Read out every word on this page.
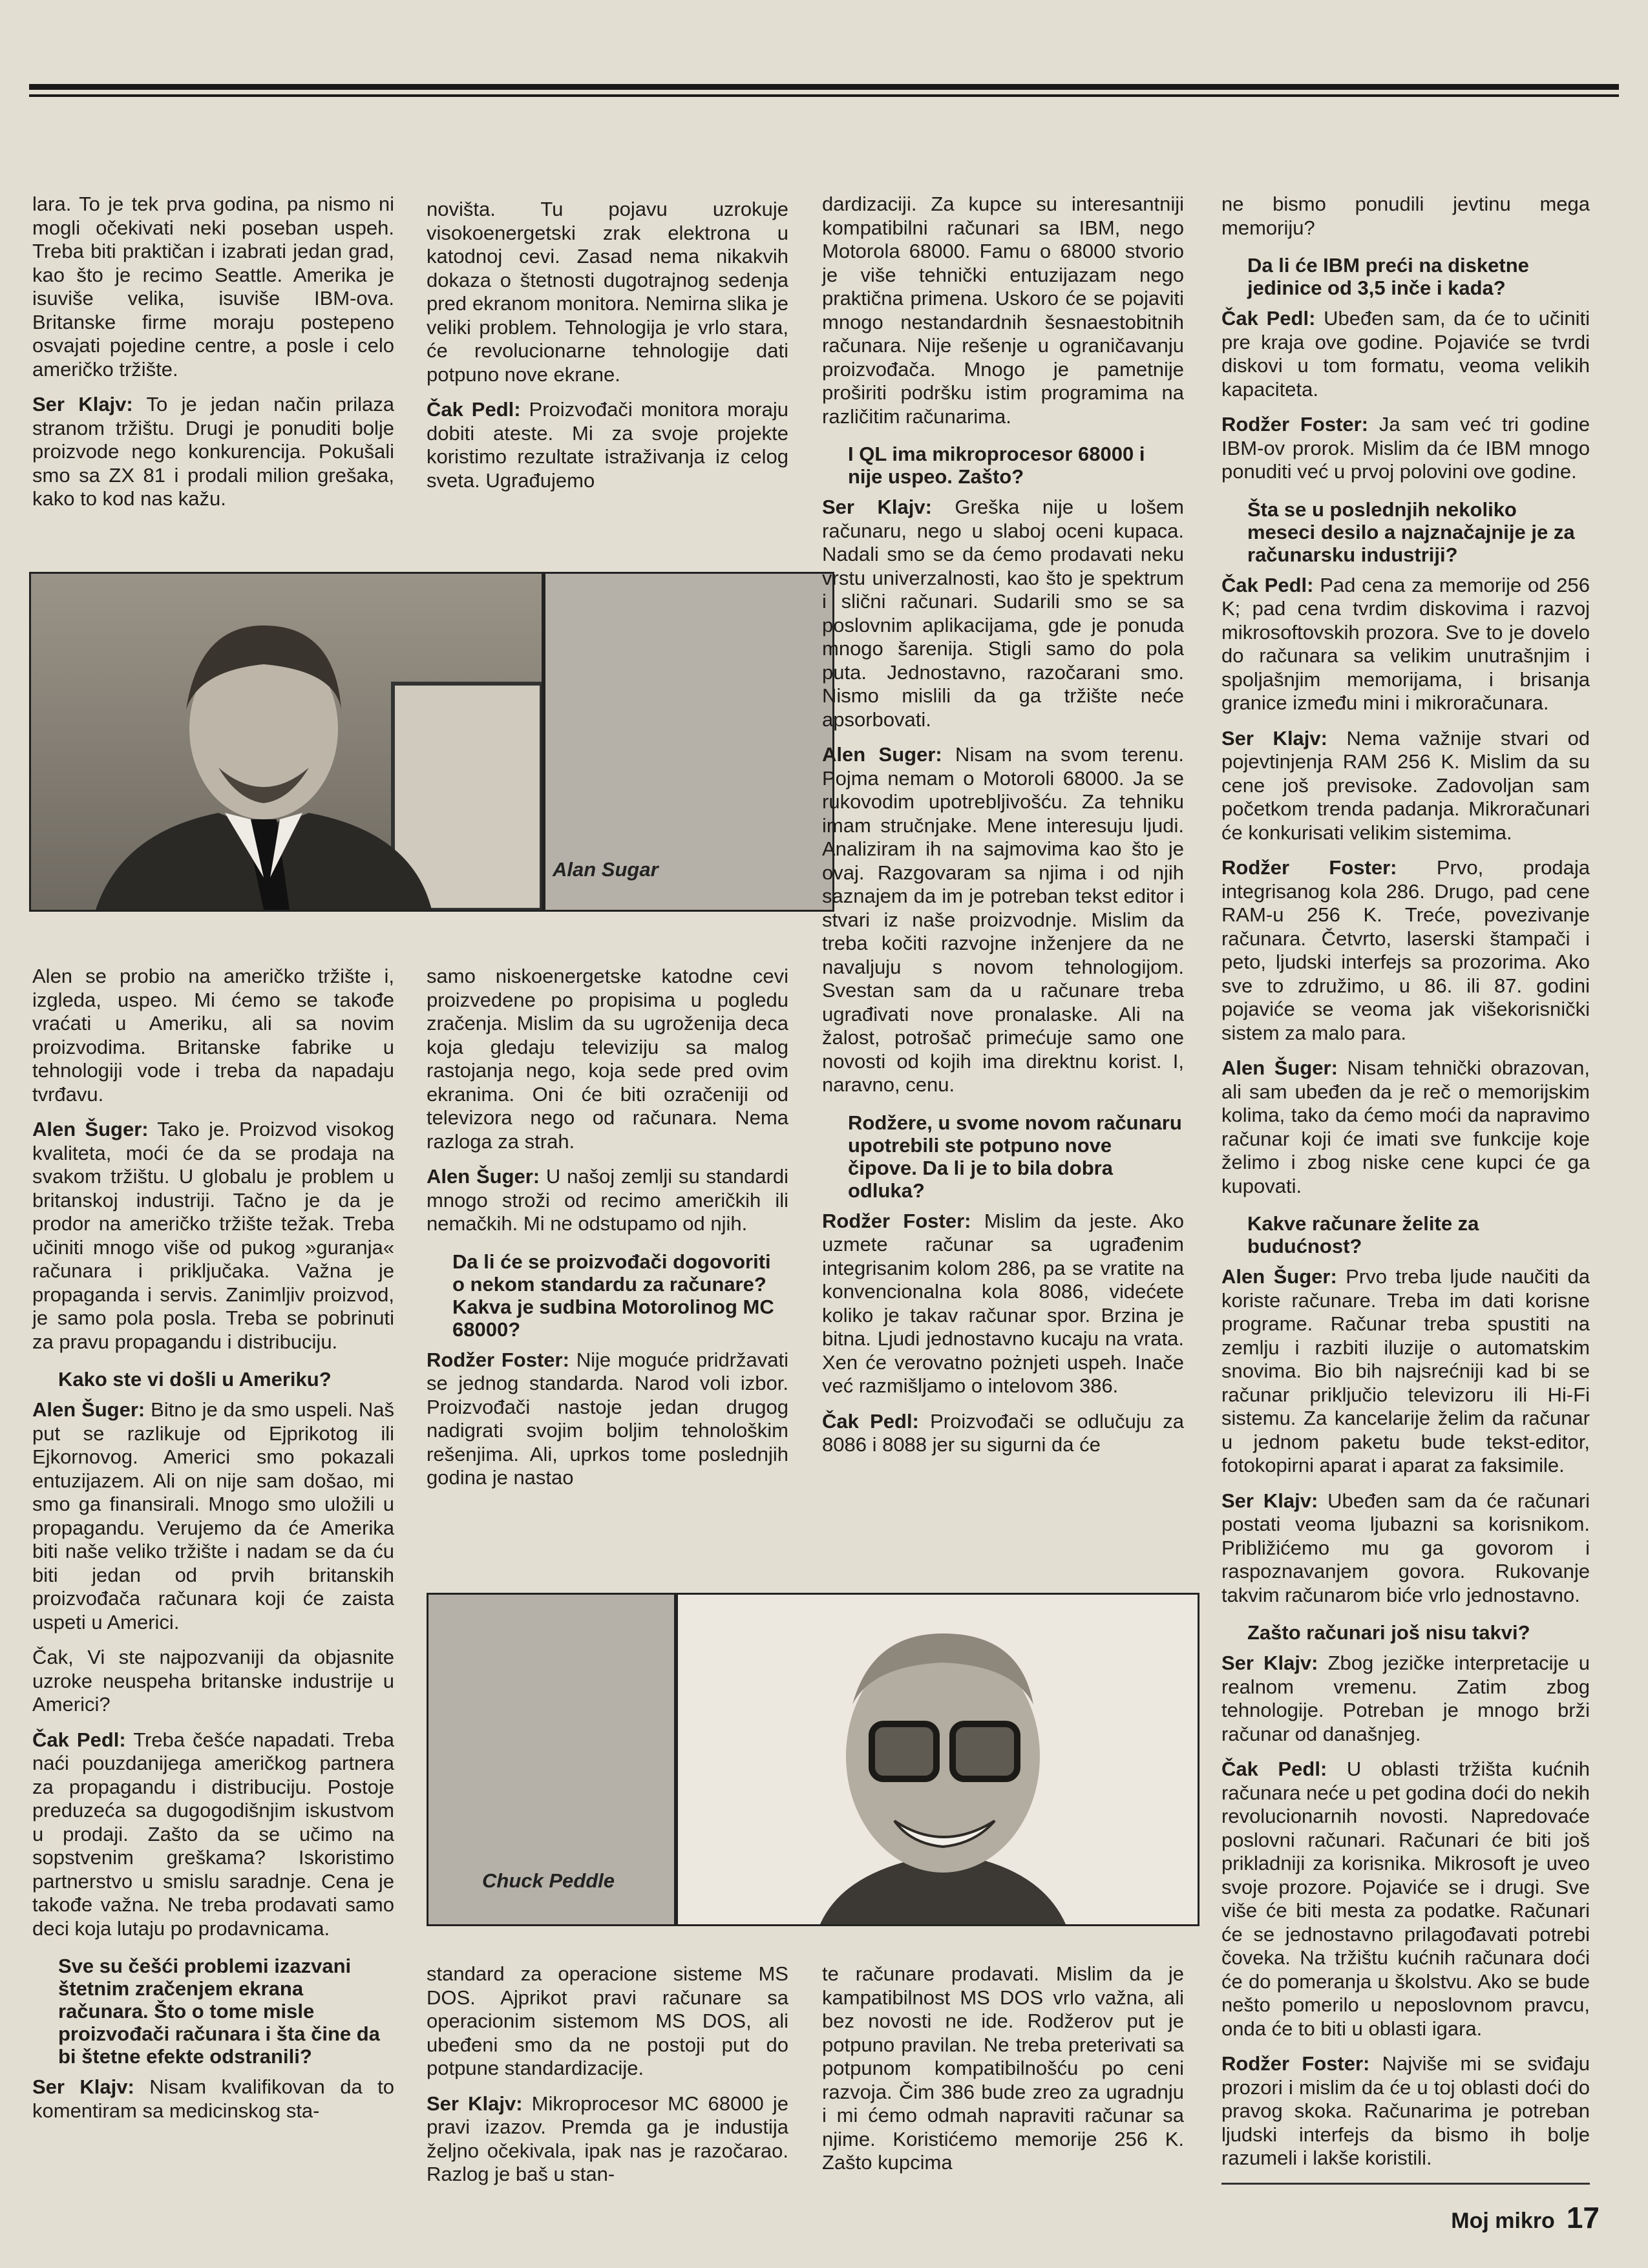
lara. To je tek prva godina, pa nismo ni mogli očekivati neki poseban uspeh. Treba biti praktičan i izabrati jedan grad, kao što je recimo Seattle. Amerika je isuviše velika, isuviše IBM-ova. Britanske firme moraju postepeno osvajati pojedine centre, a posle i celo američko tržište.

Ser Klajv: To je jedan način prilaza stranom tržištu. Drugi je ponuditi bolje proizvode nego konkurencija. Pokušali smo sa ZX 81 i prodali milion grešaka, kako to kod nas kažu.

Alan Sugar

Alen se probio na američko tržište i, izgleda, uspeo. Mi ćemo se takođe vraćati u Ameriku, ali sa novim proizvodima. Britanske fabrike u tehnologiji vode i treba da napadaju tvrđavu.

Alen Šuger: Tako je. Proizvod visokog kvaliteta, moći će da se prodaja na svakom tržištu. U globalu je problem u britanskoj industriji. Tačno je da je prodor na američko tržište težak. Treba učiniti mnogo više od pukog »guranja« računara i priključaka. Važna je propaganda i servis. Zanimljiv proizvod, je samo pola posla. Treba se pobrinuti za pravu propagandu i distribuciju.

Kako ste vi došli u Ameriku?

Alen Šuger: Bitno je da smo uspeli. Naš put se razlikuje od Ejprikotog ili Ejkornovog. Americi smo pokazali entuzijazem. Ali on nije sam došao, mi smo ga finansirali. Mnogo smo uložili u propagandu. Verujemo da će Amerika biti naše veliko tržište i nadam se da ću biti jedan od prvih britanskih proizvođača računara koji će zaista uspeti u Americi.

Čak, Vi ste najpozvaniji da objasnite uzroke neuspeha britanske industrije u Americi?

Čak Pedl: Treba češće napadati. Treba naći pouzdanijega američkog partnera za propagandu i distribuciju. Postoje preduzeća sa dugogodišnjim iskustvom u prodaji. Zašto da se učimo na sopstvenim greškama? Iskoristimo partnerstvo u smislu saradnje. Cena je takođe važna. Ne treba prodavati samo deci koja lutaju po prodavnicama.

Sve su češći problemi izazvani štetnim zračenjem ekrana računara. Što o tome misle proizvođači računara i šta čine da bi štetne efekte odstranili?

Ser Klajv: Nisam kvalifikovan da to komentiram sa medicinskog sta-

novišta. Tu pojavu uzrokuje visokoenergetski zrak elektrona u katodnoj cevi. Zasad nema nikakvih dokaza o štetnosti dugotrajnog sedenja pred ekranom monitora. Nemirna slika je veliki problem. Tehnologija je vrlo stara, će revolucionarne tehnologije dati potpuno nove ekrane.

Čak Pedl: Proizvođači monitora moraju dobiti ateste. Mi za svoje projekte koristimo rezultate istraživanja iz celog sveta. Ugrađujemo

samo niskoenergetske katodne cevi proizvedene po propisima u pogledu zračenja. Mislim da su ugroženija deca koja gledaju televiziju sa malog rastojanja nego, koja sede pred ovim ekranima. Oni će biti ozračeniji od televizora nego od računara. Nema razloga za strah.

Alen Šuger: U našoj zemlji su standardi mnogo stroži od recimo američkih ili nemačkih. Mi ne odstupamo od njih.

Da li će se proizvođači dogovoriti o nekom standardu za računare? Kakva je sudbina Motorolinog MC 68000?

Rodžer Foster: Nije moguće pridržavati se jednog standarda. Narod voli izbor. Proizvođači nastoje jedan drugog nadigrati svojim boljim tehnološkim rešenjima. Ali, uprkos tome poslednjih godina je nastao

Chuck Peddle

standard za operacione sisteme MS DOS. Ajprikot pravi računare sa operacionim sistemom MS DOS, ali ubeđeni smo da ne postoji put do potpune standardizacije.

Ser Klajv: Mikroprocesor MC 68000 je pravi izazov. Premda ga je industija željno očekivala, ipak nas je razočarao. Razlog je baš u stan-

dardizaciji. Za kupce su interesantniji kompatibilni računari sa IBM, nego Motorola 68000. Famu o 68000 stvorio je više tehnički entuzijazam nego praktična primena. Uskoro će se pojaviti mnogo nestandardnih šesnaestobitnih računara. Nije rešenje u ograničavanju proizvođača. Mnogo je pametnije proširiti podršku istim programima na različitim računarima.

I QL ima mikroprocesor 68000 i nije uspeo. Zašto?

Ser Klajv: Greška nije u lošem računaru, nego u slaboj oceni kupaca. Nadali smo se da ćemo prodavati neku vrstu univerzalnosti, kao što je spektrum i slični računari. Sudarili smo se sa poslovnim aplikacijama, gde je ponuda mnogo šarenija. Stigli samo do pola puta. Jednostavno, razočarani smo. Nismo mislili da ga tržište neće apsorbovati.

Alen Suger: Nisam na svom terenu. Pojma nemam o Motoroli 68000. Ja se rukovodim upotrebljivošću. Za tehniku imam stručnjake. Mene interesuju ljudi. Analiziram ih na sajmovima kao što je ovaj. Razgovaram sa njima i od njih saznajem da im je potreban tekst editor i stvari iz naše proizvodnje. Mislim da treba kočiti razvojne inženjere da ne navaljuju s novom tehnologijom. Svestan sam da u računare treba ugrađivati nove pronalaske. Ali na žalost, potrošač primećuje samo one novosti od kojih ima direktnu korist. I, naravno, cenu.

Rodžere, u svome novom računaru upotrebili ste potpuno nove čipove. Da li je to bila dobra odluka?

Rodžer Foster: Mislim da jeste. Ako uzmete računar sa ugrađenim integrisanim kolom 286, pa se vratite na konvencionalna kola 8086, videćete koliko je takav računar spor. Brzina je bitna. Ljudi jednostavno kucaju na vrata. Xen će verovatno pożnjeti uspeh. Inače već razmišljamo o intelovom 386.

Čak Pedl: Proizvođači se odlučuju za 8086 i 8088 jer su sigurni da će

te računare prodavati. Mislim da je kampatibilnost MS DOS vrlo važna, ali bez novosti ne ide. Rodžerov put je potpuno pravilan. Ne treba preterivati sa potpunom kompatibilnošću po ceni razvoja. Čim 386 bude zreo za ugradnju i mi ćemo odmah napraviti računar sa njime. Koristićemo memorije 256 K. Zašto kupcima

ne bismo ponudili jevtinu mega memoriju?

Da li će IBM preći na disketne jedinice od 3,5 inče i kada?

Čak Pedl: Ubeđen sam, da će to učiniti pre kraja ove godine. Pojaviće se tvrdi diskovi u tom formatu, veoma velikih kapaciteta.

Rodžer Foster: Ja sam već tri godine IBM-ov prorok. Mislim da će IBM mnogo ponuditi već u prvoj polovini ove godine.

Šta se u poslednjih nekoliko meseci desilo a najznačajnije je za računarsku industriji?

Čak Pedl: Pad cena za memorije od 256 K; pad cena tvrdim diskovima i razvoj mikrosoftovskih prozora. Sve to je dovelo do računara sa velikim unutrašnjim i spoljašnjim memorijama, i brisanja granice između mini i mikroračunara.

Ser Klajv: Nema važnije stvari od pojevtinjenja RAM 256 K. Mislim da su cene još previsoke. Zadovoljan sam početkom trenda padanja. Mikroračunari će konkurisati velikim sistemima.

Rodžer Foster: Prvo, prodaja integrisanog kola 286. Drugo, pad cene RAM-u 256 K. Treće, povezivanje računara. Četvrto, laserski štampači i peto, ljudski interfejs sa prozorima. Ako sve to združimo, u 86. ili 87. godini pojaviće se veoma jak višekorisnički sistem za malo para.

Alen Šuger: Nisam tehnički obrazovan, ali sam ubeđen da je reč o memorijskim kolima, tako da ćemo moći da napravimo računar koji će imati sve funkcije koje želimo i zbog niske cene kupci će ga kupovati.

Kakve računare želite za budućnost?

Alen Šuger: Prvo treba ljude naučiti da koriste računare. Treba im dati korisne programe. Računar treba spustiti na zemlju i razbiti iluzije o automatskim snovima. Bio bih najsrećniji kad bi se računar priključio televizoru ili Hi-Fi sistemu. Za kancelarije želim da računar u jednom paketu bude tekst-editor, fotokopirni aparat i aparat za faksimile.

Ser Klajv: Ubeđen sam da će računari postati veoma ljubazni sa korisnikom. Približićemo mu ga govorom i raspoznavanjem govora. Rukovanje takvim računarom biće vrlo jednostavno.

Zašto računari još nisu takvi?

Ser Klajv: Zbog jezičke interpretacije u realnom vremenu. Zatim zbog tehnologije. Potreban je mnogo brži računar od današnjeg.

Čak Pedl: U oblasti tržišta kućnih računara neće u pet godina doći do nekih revolucionarnih novosti. Napredovaće poslovni računari. Računari će biti još prikladniji za korisnika. Mikrosoft je uveo svoje prozore. Pojaviće se i drugi. Sve više će biti mesta za podatke. Računari će se jednostavno prilagođavati potrebi čoveka. Na tržištu kućnih računara doći će do pomeranja u školstvu. Ako se bude nešto pomerilo u neposlovnom pravcu, onda će to biti u oblasti igara.

Rodžer Foster: Najviše mi se sviđaju prozori i mislim da će u toj oblasti doći do pravog skoka. Računarima je potreban ljudski interfejs da bismo ih bolje razumeli i lakše koristili.

Moj mikro 17
